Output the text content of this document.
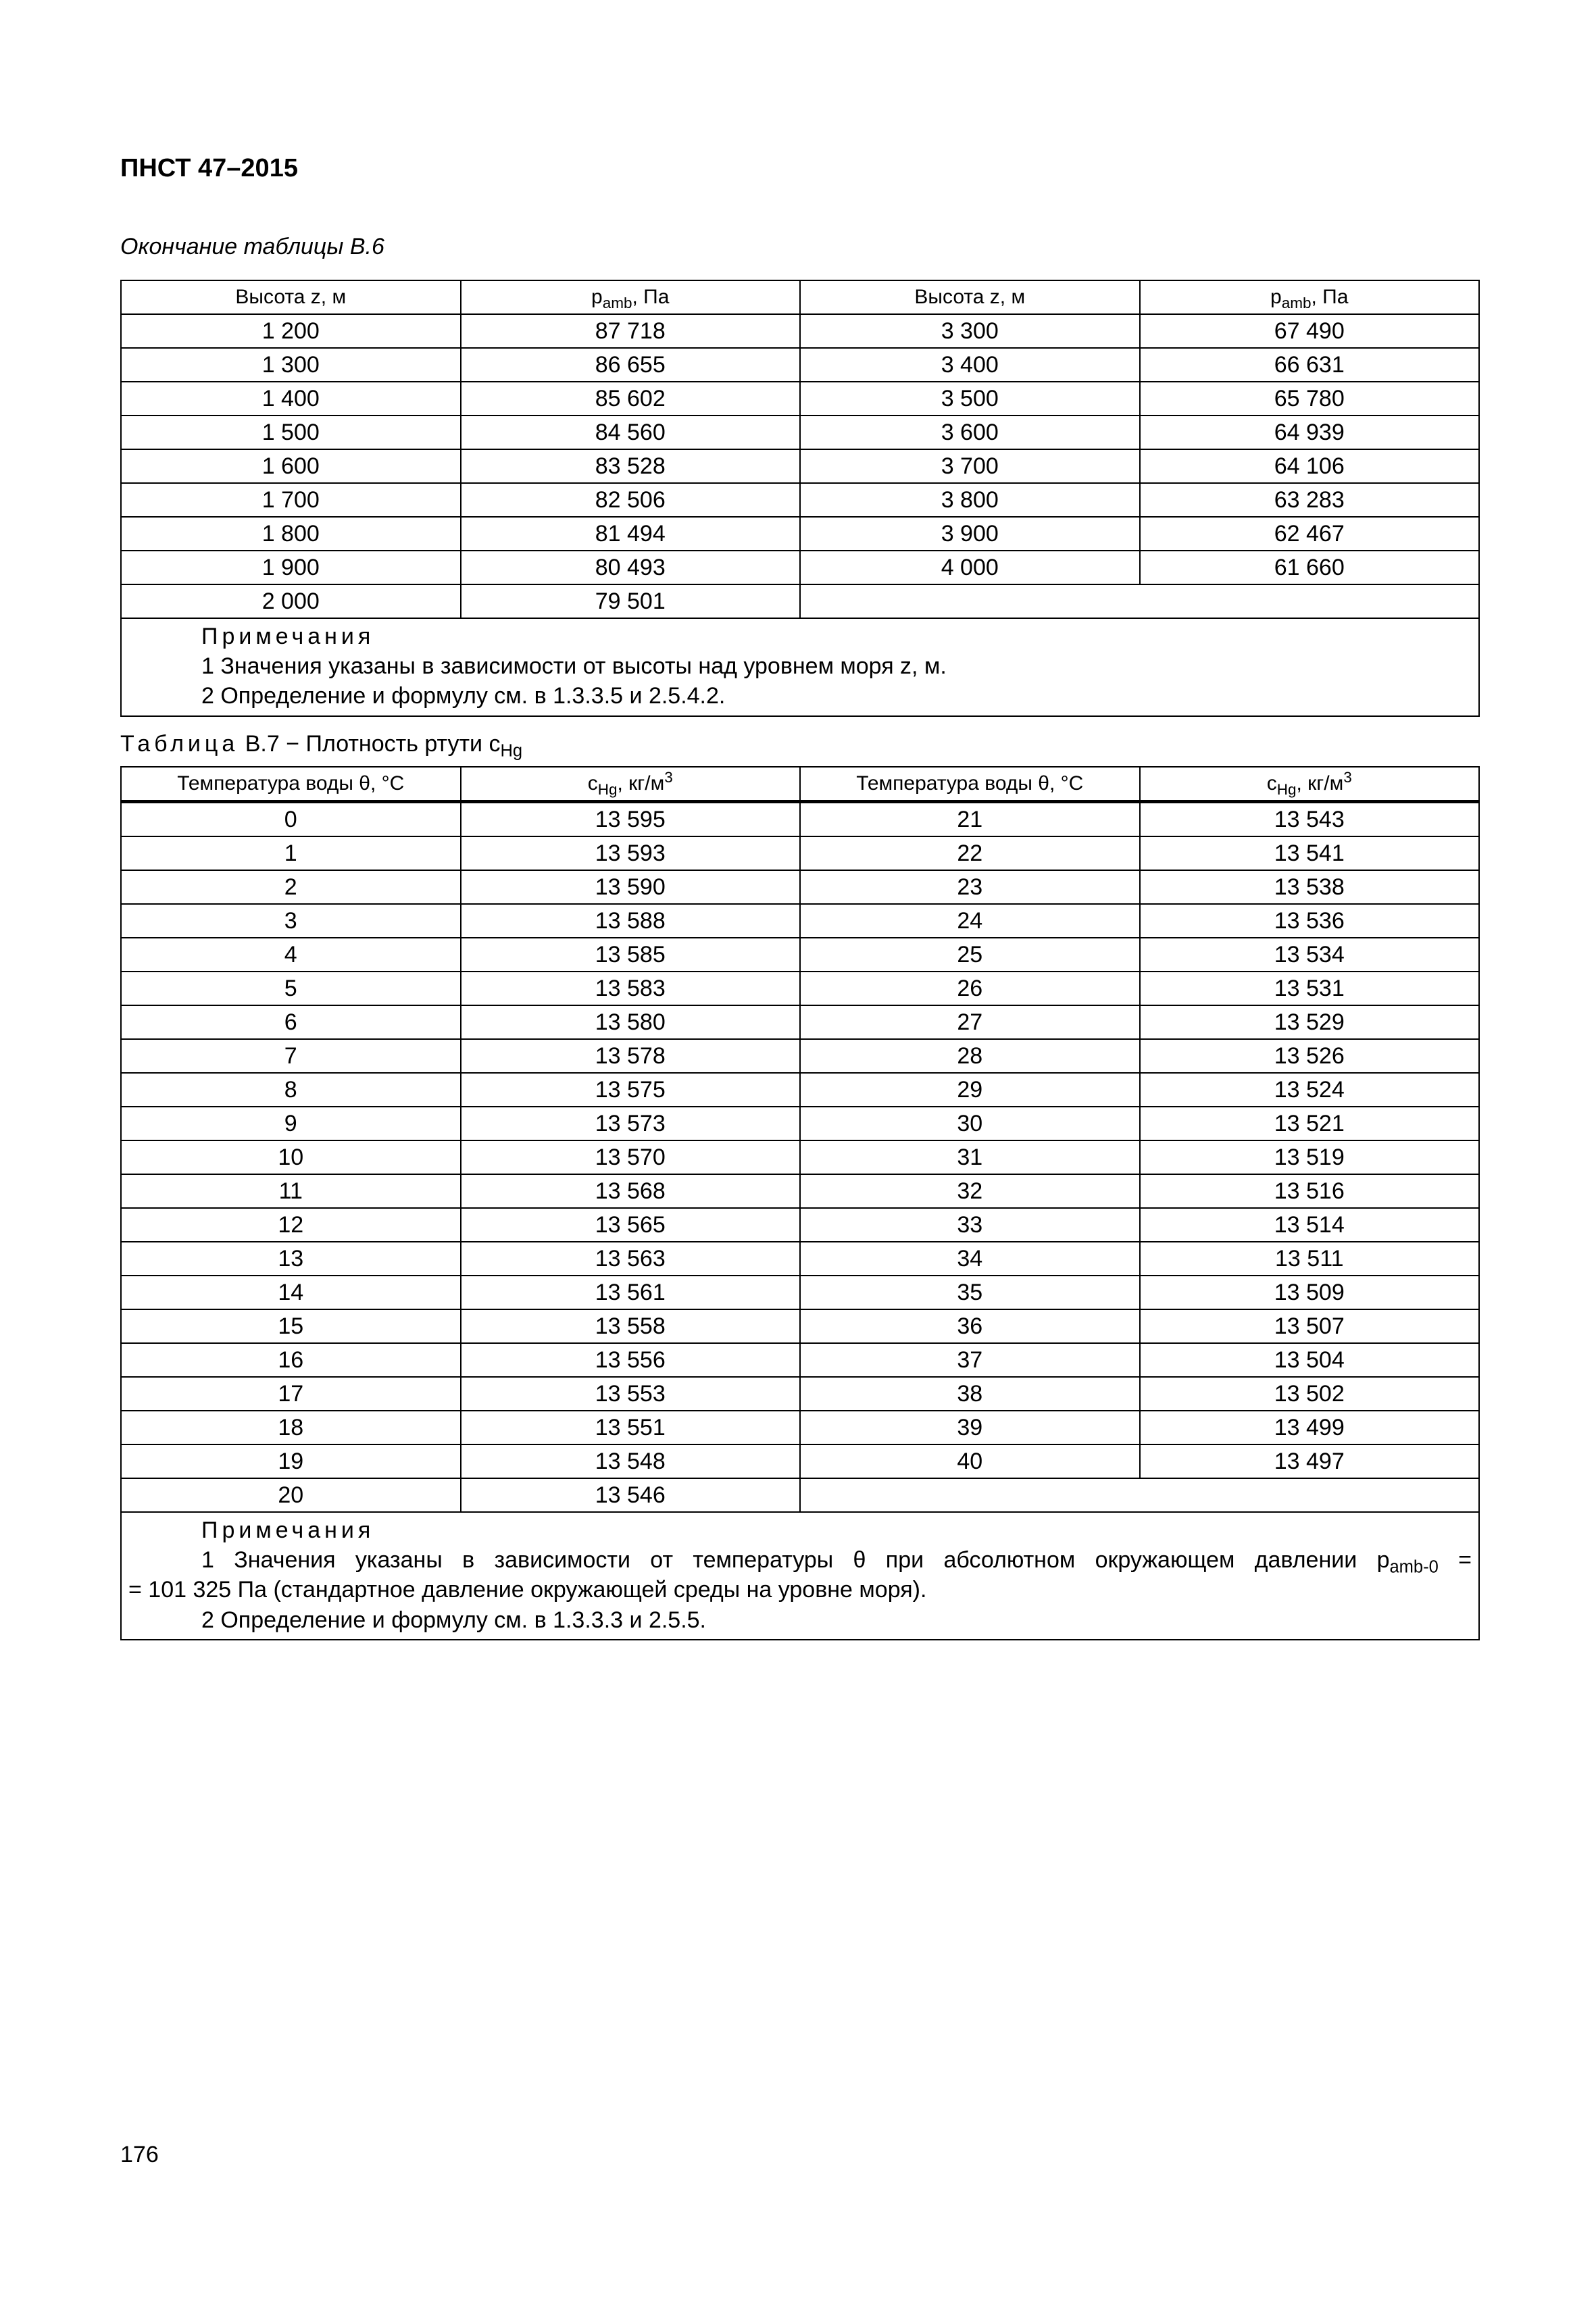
ПНСТ 47–2015
Окончание таблицы В.6
Высота z, м	$p_{amb}$, Па	Высота z, м	$p_{amb}$, Па
1 200	87 718	3 300	67 490
1 300	86 655	3 400	66 631
1 400	85 602	3 500	65 780
1 500	84 560	3 600	64 939
1 600	83 528	3 700	64 106
1 700	82 506	3 800	63 283
1 800	81 494	3 900	62 467
1 900	80 493	4 000	61 660
2 000	79 501		

Примечания
1 Значения указаны в зависимости от высоты над уровнем моря z, м.
2 Определение и формулу см. в 1.3.3.5 и 2.5.4.2.			
Таблица В.7 − Плотность ртути $c_{Hg}$
Температура воды θ, °С	$c_{Hg}$, $кг/м^3$	Температура воды θ, °С	$c_{Hg}$, $кг/м^3$
0	13 595	21	13 543
1	13 593	22	13 541
2	13 590	23	13 538
3	13 588	24	13 536
4	13 585	25	13 534
5	13 583	26	13 531
6	13 580	27	13 529
7	13 578	28	13 526
8	13 575	29	13 524
9	13 573	30	13 521
10	13 570	31	13 519
11	13 568	32	13 516
12	13 565	33	13 514
13	13 563	34	13 511
14	13 561	35	13 509
15	13 558	36	13 507
16	13 556	37	13 504
17	13 553	38	13 502
18	13 551	39	13 499
19	13 548	40	13 497
20	13 546		

Примечания
1 Значения указаны в зависимости от температуры θ при абсолютном окружающем давлении $p_{amb-0}$ =
= 101 325 Па (стандартное давление окружающей среды на уровне моря).
2 Определение и формулу см. в 1.3.3.3 и 2.5.5.			
176
